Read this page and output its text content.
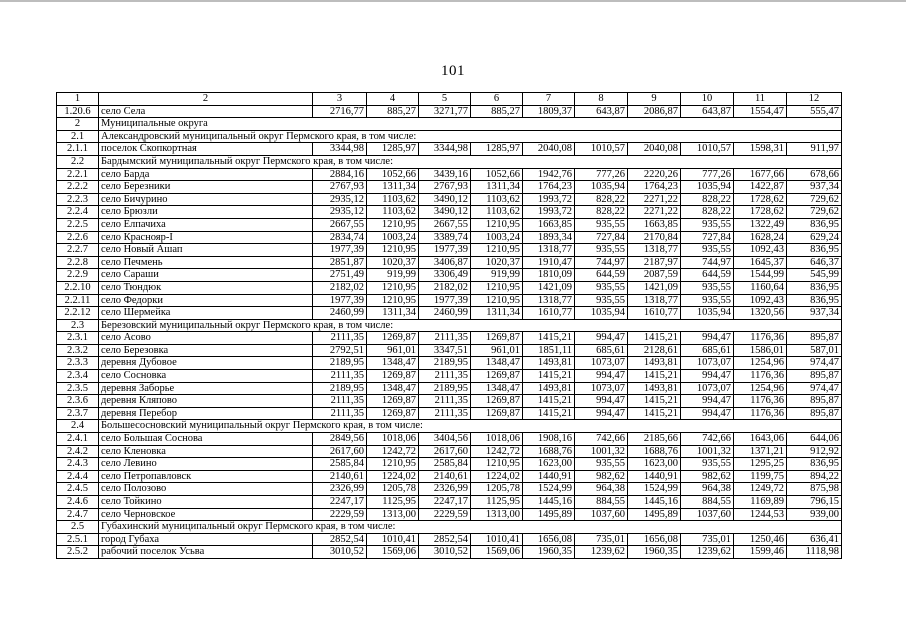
101
1	2	3	4	5	6	7	8	9	10	11	12
1.20.6	село Села	2716,77	885,27	3271,77	885,27	1809,37	643,87	2086,87	643,87	1554,47	555,47
2	Муниципальные округа										
2.1	Александровский муниципальный округ Пермского края, в том числе:										
2.1.1	поселок Скопкортная	3344,98	1285,97	3344,98	1285,97	2040,08	1010,57	2040,08	1010,57	1598,31	911,97
2.2	Бардымский муниципальный округ Пермского края, в том числе:										
2.2.1	село Барда	2884,16	1052,66	3439,16	1052,66	1942,76	777,26	2220,26	777,26	1677,66	678,66
2.2.2	село Березники	2767,93	1311,34	2767,93	1311,34	1764,23	1035,94	1764,23	1035,94	1422,87	937,34
2.2.3	село Бичурино	2935,12	1103,62	3490,12	1103,62	1993,72	828,22	2271,22	828,22	1728,62	729,62
2.2.4	село Брюзли	2935,12	1103,62	3490,12	1103,62	1993,72	828,22	2271,22	828,22	1728,62	729,62
2.2.5	село Елпачиха	2667,55	1210,95	2667,55	1210,95	1663,85	935,55	1663,85	935,55	1322,49	836,95
2.2.6	село Краснояр-I	2834,74	1003,24	3389,74	1003,24	1893,34	727,84	2170,84	727,84	1628,24	629,24
2.2.7	село Новый Ашап	1977,39	1210,95	1977,39	1210,95	1318,77	935,55	1318,77	935,55	1092,43	836,95
2.2.8	село Печмень	2851,87	1020,37	3406,87	1020,37	1910,47	744,97	2187,97	744,97	1645,37	646,37
2.2.9	село Сараши	2751,49	919,99	3306,49	919,99	1810,09	644,59	2087,59	644,59	1544,99	545,99
2.2.10	село Тюндюк	2182,02	1210,95	2182,02	1210,95	1421,09	935,55	1421,09	935,55	1160,64	836,95
2.2.11	село Федорки	1977,39	1210,95	1977,39	1210,95	1318,77	935,55	1318,77	935,55	1092,43	836,95
2.2.12	село Шермейка	2460,99	1311,34	2460,99	1311,34	1610,77	1035,94	1610,77	1035,94	1320,56	937,34
2.3	Березовский муниципальный округ Пермского края, в том числе:										
2.3.1	село Асово	2111,35	1269,87	2111,35	1269,87	1415,21	994,47	1415,21	994,47	1176,36	895,87
2.3.2	село Березовка	2792,51	961,01	3347,51	961,01	1851,11	685,61	2128,61	685,61	1586,01	587,01
2.3.3	деревня Дубовое	2189,95	1348,47	2189,95	1348,47	1493,81	1073,07	1493,81	1073,07	1254,96	974,47
2.3.4	село Сосновка	2111,35	1269,87	2111,35	1269,87	1415,21	994,47	1415,21	994,47	1176,36	895,87
2.3.5	деревня Заборье	2189,95	1348,47	2189,95	1348,47	1493,81	1073,07	1493,81	1073,07	1254,96	974,47
2.3.6	деревня Кляпово	2111,35	1269,87	2111,35	1269,87	1415,21	994,47	1415,21	994,47	1176,36	895,87
2.3.7	деревня Перебор	2111,35	1269,87	2111,35	1269,87	1415,21	994,47	1415,21	994,47	1176,36	895,87
2.4	Большесосновский муниципальный округ Пермского края, в том числе:										
2.4.1	село Большая Соснова	2849,56	1018,06	3404,56	1018,06	1908,16	742,66	2185,66	742,66	1643,06	644,06
2.4.2	село Кленовка	2617,60	1242,72	2617,60	1242,72	1688,76	1001,32	1688,76	1001,32	1371,21	912,92
2.4.3	село Левино	2585,84	1210,95	2585,84	1210,95	1623,00	935,55	1623,00	935,55	1295,25	836,95
2.4.4	село Петропавловск	2140,61	1224,02	2140,61	1224,02	1440,91	982,62	1440,91	982,62	1199,75	894,22
2.4.5	село Полозово	2326,99	1205,78	2326,99	1205,78	1524,99	964,38	1524,99	964,38	1249,72	875,98
2.4.6	село Тойкино	2247,17	1125,95	2247,17	1125,95	1445,16	884,55	1445,16	884,55	1169,89	796,15
2.4.7	село Черновское	2229,59	1313,00	2229,59	1313,00	1495,89	1037,60	1495,89	1037,60	1244,53	939,00
2.5	Губахинский муниципальный округ Пермского края, в том числе:										
2.5.1	город Губаха	2852,54	1010,41	2852,54	1010,41	1656,08	735,01	1656,08	735,01	1250,46	636,41
2.5.2	рабочий поселок Усьва	3010,52	1569,06	3010,52	1569,06	1960,35	1239,62	1960,35	1239,62	1599,46	1118,98
